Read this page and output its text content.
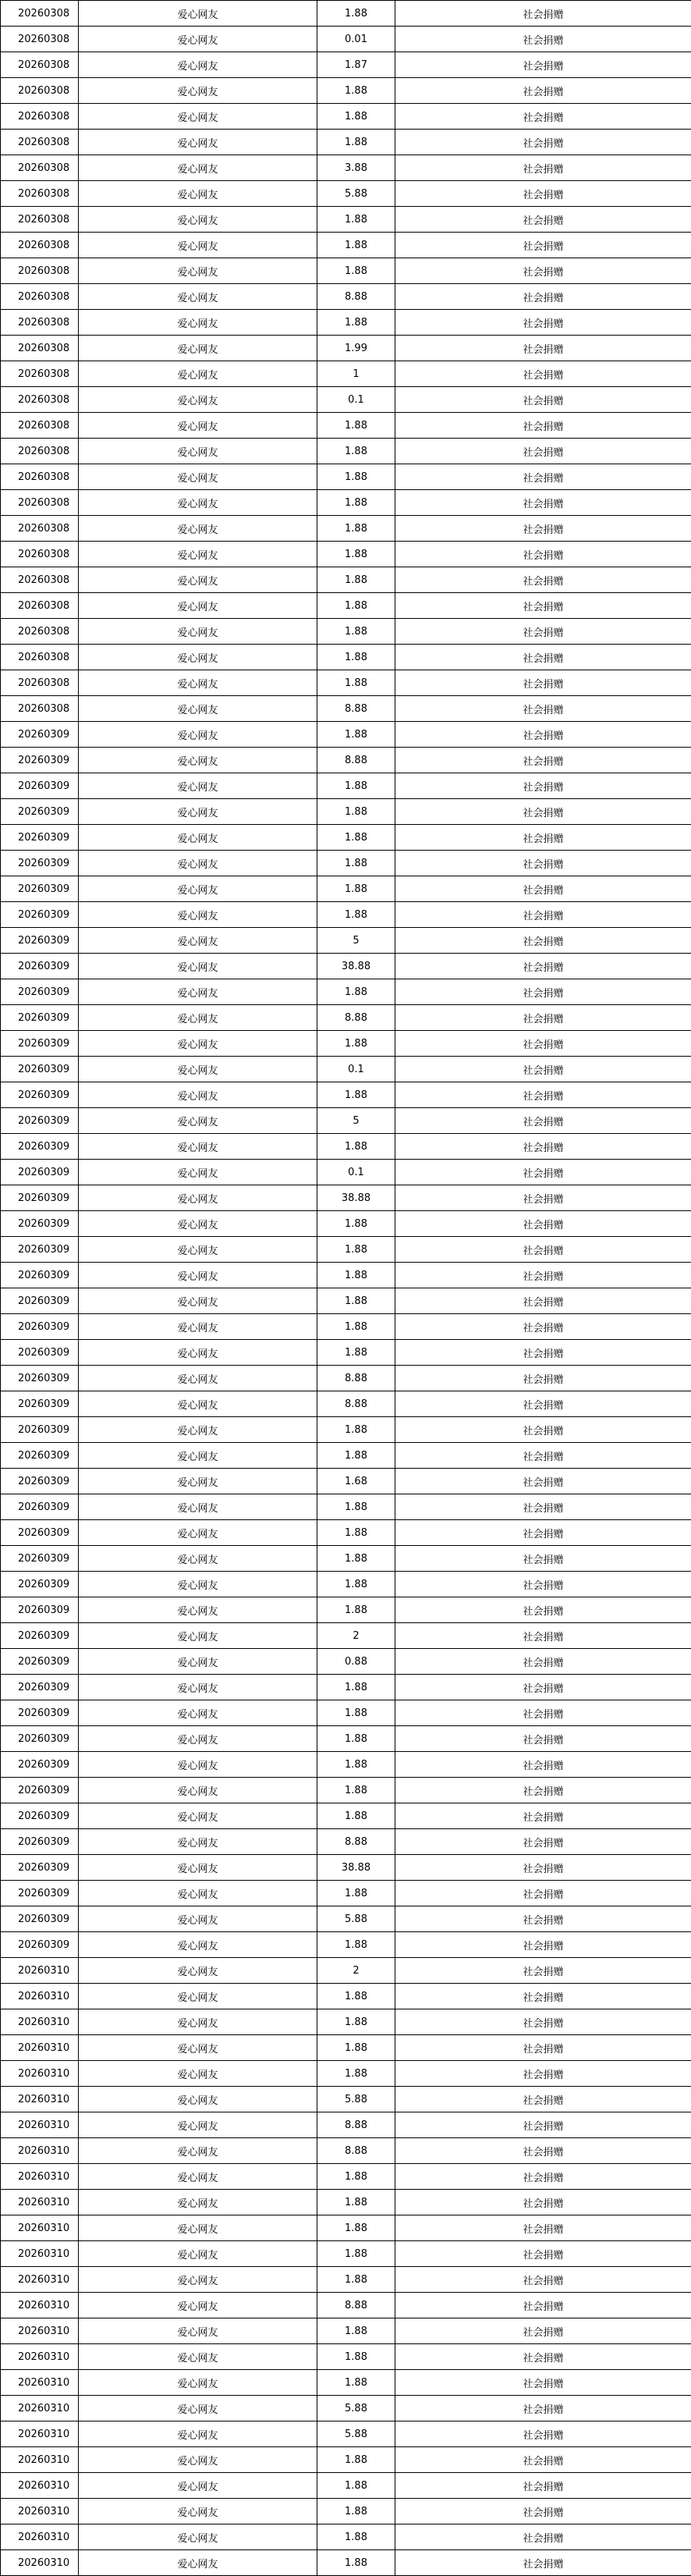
20260308	爱心网友	1.88	社会捐赠
20260308	爱心网友	0.01	社会捐赠
20260308	爱心网友	1.87	社会捐赠
20260308	爱心网友	1.88	社会捐赠
20260308	爱心网友	1.88	社会捐赠
20260308	爱心网友	1.88	社会捐赠
20260308	爱心网友	3.88	社会捐赠
20260308	爱心网友	5.88	社会捐赠
20260308	爱心网友	1.88	社会捐赠
20260308	爱心网友	1.88	社会捐赠
20260308	爱心网友	1.88	社会捐赠
20260308	爱心网友	8.88	社会捐赠
20260308	爱心网友	1.88	社会捐赠
20260308	爱心网友	1.99	社会捐赠
20260308	爱心网友	1	社会捐赠
20260308	爱心网友	0.1	社会捐赠
20260308	爱心网友	1.88	社会捐赠
20260308	爱心网友	1.88	社会捐赠
20260308	爱心网友	1.88	社会捐赠
20260308	爱心网友	1.88	社会捐赠
20260308	爱心网友	1.88	社会捐赠
20260308	爱心网友	1.88	社会捐赠
20260308	爱心网友	1.88	社会捐赠
20260308	爱心网友	1.88	社会捐赠
20260308	爱心网友	1.88	社会捐赠
20260308	爱心网友	1.88	社会捐赠
20260308	爱心网友	1.88	社会捐赠
20260308	爱心网友	8.88	社会捐赠
20260309	爱心网友	1.88	社会捐赠
20260309	爱心网友	8.88	社会捐赠
20260309	爱心网友	1.88	社会捐赠
20260309	爱心网友	1.88	社会捐赠
20260309	爱心网友	1.88	社会捐赠
20260309	爱心网友	1.88	社会捐赠
20260309	爱心网友	1.88	社会捐赠
20260309	爱心网友	1.88	社会捐赠
20260309	爱心网友	5	社会捐赠
20260309	爱心网友	38.88	社会捐赠
20260309	爱心网友	1.88	社会捐赠
20260309	爱心网友	8.88	社会捐赠
20260309	爱心网友	1.88	社会捐赠
20260309	爱心网友	0.1	社会捐赠
20260309	爱心网友	1.88	社会捐赠
20260309	爱心网友	5	社会捐赠
20260309	爱心网友	1.88	社会捐赠
20260309	爱心网友	0.1	社会捐赠
20260309	爱心网友	38.88	社会捐赠
20260309	爱心网友	1.88	社会捐赠
20260309	爱心网友	1.88	社会捐赠
20260309	爱心网友	1.88	社会捐赠
20260309	爱心网友	1.88	社会捐赠
20260309	爱心网友	1.88	社会捐赠
20260309	爱心网友	1.88	社会捐赠
20260309	爱心网友	8.88	社会捐赠
20260309	爱心网友	8.88	社会捐赠
20260309	爱心网友	1.88	社会捐赠
20260309	爱心网友	1.88	社会捐赠
20260309	爱心网友	1.68	社会捐赠
20260309	爱心网友	1.88	社会捐赠
20260309	爱心网友	1.88	社会捐赠
20260309	爱心网友	1.88	社会捐赠
20260309	爱心网友	1.88	社会捐赠
20260309	爱心网友	1.88	社会捐赠
20260309	爱心网友	2	社会捐赠
20260309	爱心网友	0.88	社会捐赠
20260309	爱心网友	1.88	社会捐赠
20260309	爱心网友	1.88	社会捐赠
20260309	爱心网友	1.88	社会捐赠
20260309	爱心网友	1.88	社会捐赠
20260309	爱心网友	1.88	社会捐赠
20260309	爱心网友	1.88	社会捐赠
20260309	爱心网友	8.88	社会捐赠
20260309	爱心网友	38.88	社会捐赠
20260309	爱心网友	1.88	社会捐赠
20260309	爱心网友	5.88	社会捐赠
20260309	爱心网友	1.88	社会捐赠
20260310	爱心网友	2	社会捐赠
20260310	爱心网友	1.88	社会捐赠
20260310	爱心网友	1.88	社会捐赠
20260310	爱心网友	1.88	社会捐赠
20260310	爱心网友	1.88	社会捐赠
20260310	爱心网友	5.88	社会捐赠
20260310	爱心网友	8.88	社会捐赠
20260310	爱心网友	8.88	社会捐赠
20260310	爱心网友	1.88	社会捐赠
20260310	爱心网友	1.88	社会捐赠
20260310	爱心网友	1.88	社会捐赠
20260310	爱心网友	1.88	社会捐赠
20260310	爱心网友	1.88	社会捐赠
20260310	爱心网友	8.88	社会捐赠
20260310	爱心网友	1.88	社会捐赠
20260310	爱心网友	1.88	社会捐赠
20260310	爱心网友	1.88	社会捐赠
20260310	爱心网友	5.88	社会捐赠
20260310	爱心网友	5.88	社会捐赠
20260310	爱心网友	1.88	社会捐赠
20260310	爱心网友	1.88	社会捐赠
20260310	爱心网友	1.88	社会捐赠
20260310	爱心网友	1.88	社会捐赠
20260310	爱心网友	1.88	社会捐赠
